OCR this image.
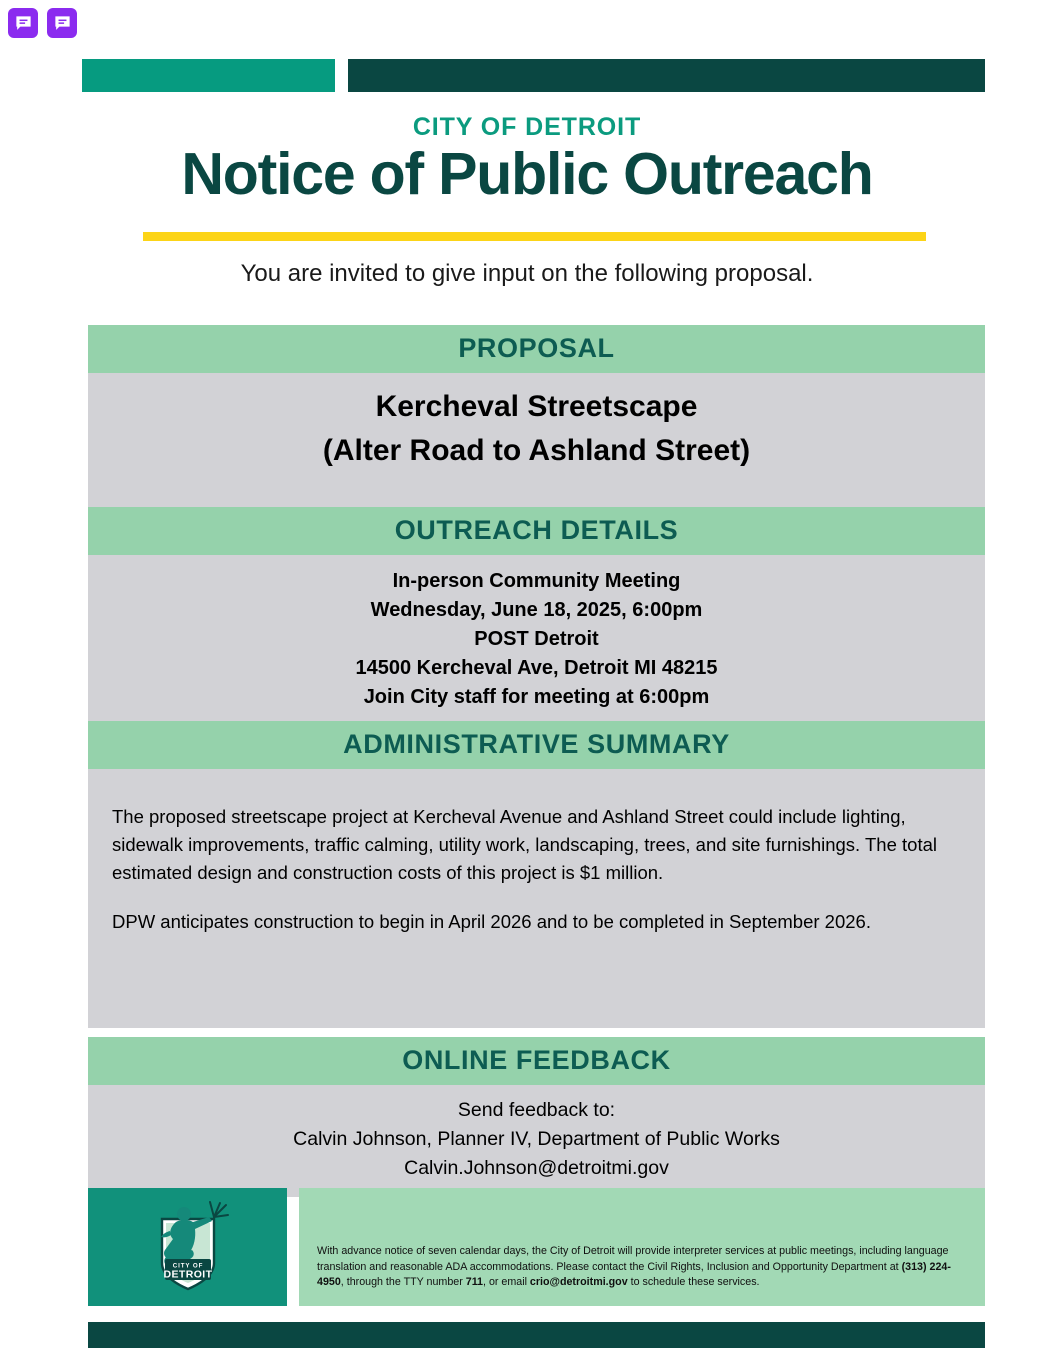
CITY OF DETROIT
Notice of Public Outreach
You are invited to give input on the following proposal.
PROPOSAL
Kercheval Streetscape
(Alter Road to Ashland Street)
OUTREACH DETAILS
In-person Community Meeting
Wednesday, June 18, 2025, 6:00pm
POST Detroit
14500 Kercheval Ave, Detroit MI 48215
Join City staff for meeting at 6:00pm
ADMINISTRATIVE SUMMARY

The proposed streetscape project at Kercheval Avenue and Ashland Street could include lighting, sidewalk improvements, traffic calming, utility work, landscaping, trees, and site furnishings. The total estimated design and construction costs of this project is $1 million.

DPW anticipates construction to begin in April 2026 and to be completed in September 2026.

ONLINE FEEDBACK
Send feedback to:
Calvin Johnson, Planner IV, Department of Public Works
Calvin.Johnson@detroitmi.gov
CITY OF
DETROIT
With advance notice of seven calendar days, the City of Detroit will provide interpreter services at public meetings, including language translation and reasonable ADA accommodations. Please contact the Civil Rights, Inclusion and Opportunity Department at (313) 224-4950, through the TTY number 711, or email crio@detroitmi.gov to schedule these services.
